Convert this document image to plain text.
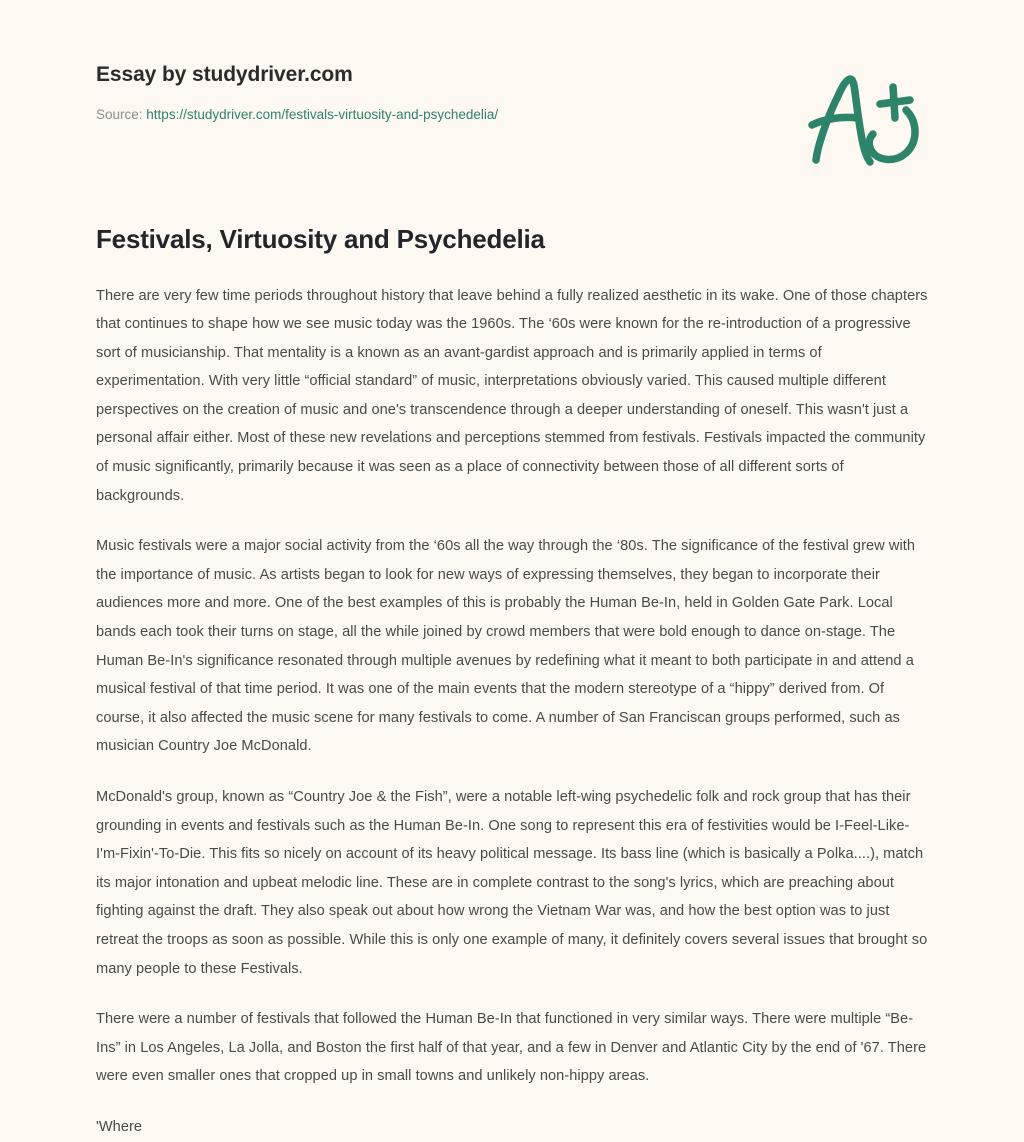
Essay by studydriver.com
Source: https://studydriver.com/festivals-virtuosity-and-psychedelia/
Festivals, Virtuosity and Psychedelia

There are very few time periods throughout history that leave behind a fully realized aesthetic in its wake. One of those chapters that continues to shape how we see music today was the 1960s. The ‘60s were known for the re-introduction of a progressive sort of musicianship. That mentality is a known as an avant-gardist approach and is primarily applied in terms of experimentation. With very little “official standard” of music, interpretations obviously varied. This caused multiple different perspectives on the creation of music and one's transcendence through a deeper understanding of oneself. This wasn't just a personal affair either. Most of these new revelations and perceptions stemmed from festivals. Festivals impacted the community of music significantly, primarily because it was seen as a place of connectivity between those of all different sorts of backgrounds.

Music festivals were a major social activity from the ‘60s all the way through the ‘80s. The significance of the festival grew with the importance of music. As artists began to look for new ways of expressing themselves, they began to incorporate their audiences more and more. One of the best examples of this is probably the Human Be-In, held in Golden Gate Park. Local bands each took their turns on stage, all the while joined by crowd members that were bold enough to dance on-stage. The Human Be-In's significance resonated through multiple avenues by redefining what it meant to both participate in and attend a musical festival of that time period. It was one of the main events that the modern stereotype of a “hippy” derived from. Of course, it also affected the music scene for many festivals to come. A number of San Franciscan groups performed, such as musician Country Joe McDonald.

McDonald's group, known as “Country Joe & the Fish”, were a notable left-wing psychedelic folk and rock group that has their grounding in events and festivals such as the Human Be-In. One song to represent this era of festivities would be I-Feel-Like-I'm-Fixin'-To-Die. This fits so nicely on account of its heavy political message. Its bass line (which is basically a Polka....), match its major intonation and upbeat melodic line. These are in complete contrast to the song's lyrics, which are preaching about fighting against the draft. They also speak out about how wrong the Vietnam War was, and how the best option was to just retreat the troops as soon as possible. While this is only one example of many, it definitely covers several issues that brought so many people to these Festivals.

There were a number of festivals that followed the Human Be-In that functioned in very similar ways. There were multiple “Be-Ins” in Los Angeles, La Jolla, and Boston the first half of that year, and a few in Denver and Atlantic City by the end of '67. There were even smaller ones that cropped up in small towns and unlikely non-hippy areas.

'Where
